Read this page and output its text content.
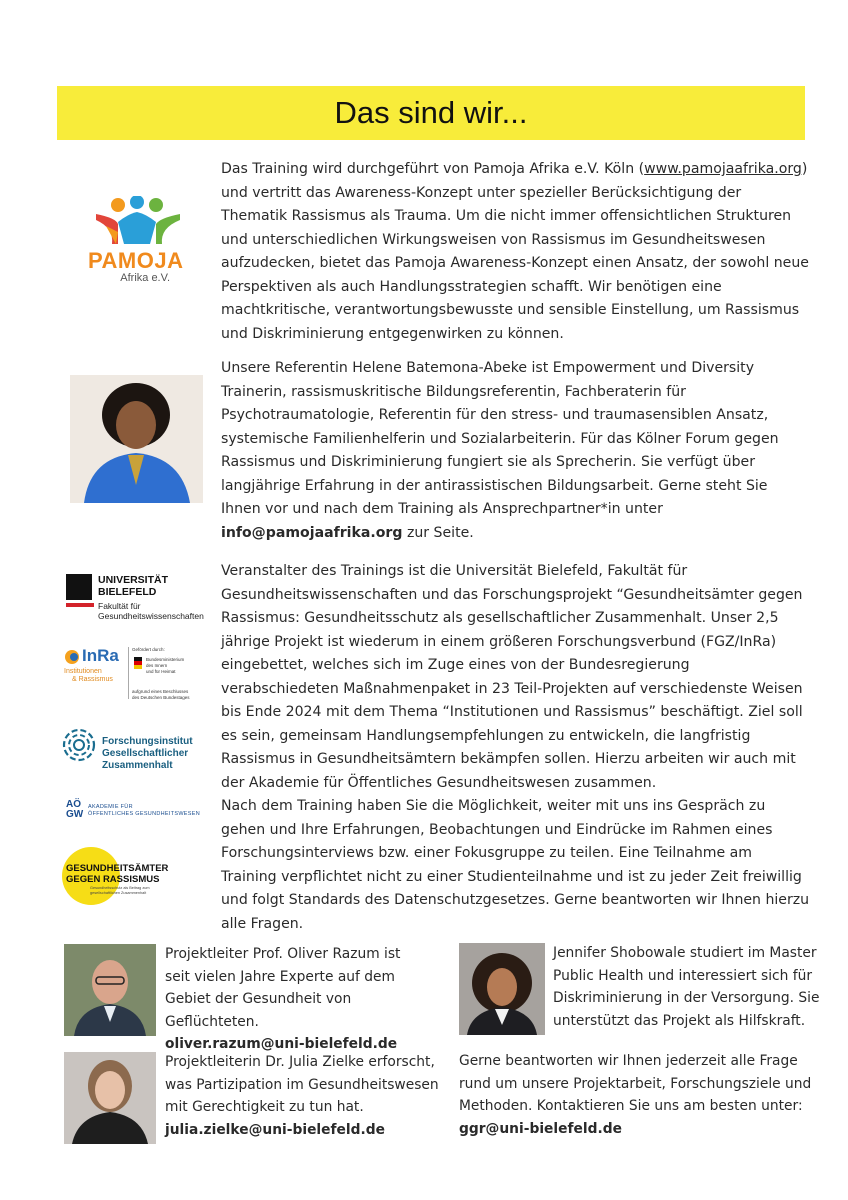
Das sind wir...
PAMOJA
Afrika e.V.
Das Training wird durchgeführt von Pamoja Afrika e.V. Köln (www.pamojaafrika.org) und vertritt das Awareness-Konzept unter spezieller Berücksichtigung der Thematik Rassismus als Trauma. Um die nicht immer offensichtlichen Strukturen und unterschiedlichen Wirkungsweisen von Rassismus im Gesundheitswesen aufzudecken, bietet das Pamoja Awareness-Konzept einen Ansatz, der sowohl neue Perspektiven als auch Handlungsstrategien schafft. Wir benötigen eine machtkritische, verantwortungsbewusste und sensible Einstellung, um Rassismus und Diskriminierung entgegenwirken zu können.
Unsere Referentin Helene Batemona-Abeke ist Empowerment und Diversity Trainerin, rassismuskritische Bildungsreferentin, Fachberaterin für Psychotraumatologie, Referentin für den stress- und traumasensiblen Ansatz, systemische Familienhelferin und Sozialarbeiterin. Für das Kölner Forum gegen Rassismus und Diskriminierung fungiert sie als Sprecherin. Sie verfügt über langjährige Erfahrung in der antirassistischen Bildungsarbeit. Gerne steht Sie Ihnen vor und nach dem Training als Ansprechpartner*in unter info@pamojaafrika.org zur Seite.
UNIVERSITÄT
BIELEFELD
Fakultät für
Gesundheitswissenschaften
InRa
Institutionen
& Rassismus
Gefördert durch:
Bundesministerium
des Innern
und für Heimat
aufgrund eines Beschlusses
des Deutschen Bundestages
Forschungsinstitut
Gesellschaftlicher
Zusammenhalt
AÖ
GW
AKADEMIE FÜR
ÖFFENTLICHES GESUNDHEITSWESEN
GESUNDHEITSÄMTER
GEGEN RASSISMUS
Gesundheitsschutz als Beitrag zum
gesellschaftlichen Zusammenhalt
Veranstalter des Trainings ist die Universität Bielefeld, Fakultät für Gesundheitswissenschaften und das Forschungsprojekt “Gesundheitsämter gegen Rassismus: Gesundheitsschutz als gesellschaftlicher Zusammenhalt. Unser 2,5 jährige Projekt ist wiederum in einem größeren Forschungsverbund (FGZ/InRa) eingebettet, welches sich im Zuge eines von der Bundesregierung verabschiedeten Maßnahmenpaket in 23 Teil-Projekten auf verschiedenste Weisen bis Ende 2024 mit dem Thema “Institutionen und Rassismus” beschäftigt. Ziel soll es sein, gemeinsam Handlungsempfehlungen zu entwickeln, die langfristig Rassismus in Gesundheitsämtern bekämpfen sollen. Hierzu arbeiten wir auch mit der Akademie für Öffentliches Gesundheitswesen zusammen.
Nach dem Training haben Sie die Möglichkeit, weiter mit uns ins Gespräch zu gehen und Ihre Erfahrungen, Beobachtungen und Eindrücke im Rahmen eines Forschungsinterviews bzw. einer Fokusgruppe zu teilen. Eine Teilnahme am Training verpflichtet nicht zu einer Studienteilnahme und ist zu jeder Zeit freiwillig und folgt Standards des Datenschutzgesetzes. Gerne beantworten wir Ihnen hierzu alle Fragen.
Projektleiter Prof. Oliver Razum ist seit vielen Jahre Experte auf dem Gebiet der Gesundheit von Geflüchteten.
oliver.razum@uni-bielefeld.de
Projektleiterin Dr. Julia Zielke erforscht, was Partizipation im Gesundheitswesen mit Gerechtigkeit zu tun hat.
julia.zielke@uni-bielefeld.de
Jennifer Shobowale studiert im Master Public Health und interessiert sich für Diskriminierung in der Versorgung. Sie unterstützt das Projekt als Hilfskraft.
Gerne beantworten wir Ihnen jederzeit alle Frage rund um unsere Projektarbeit, Forschungsziele und Methoden. Kontaktieren Sie uns am besten unter:
ggr@uni-bielefeld.de
